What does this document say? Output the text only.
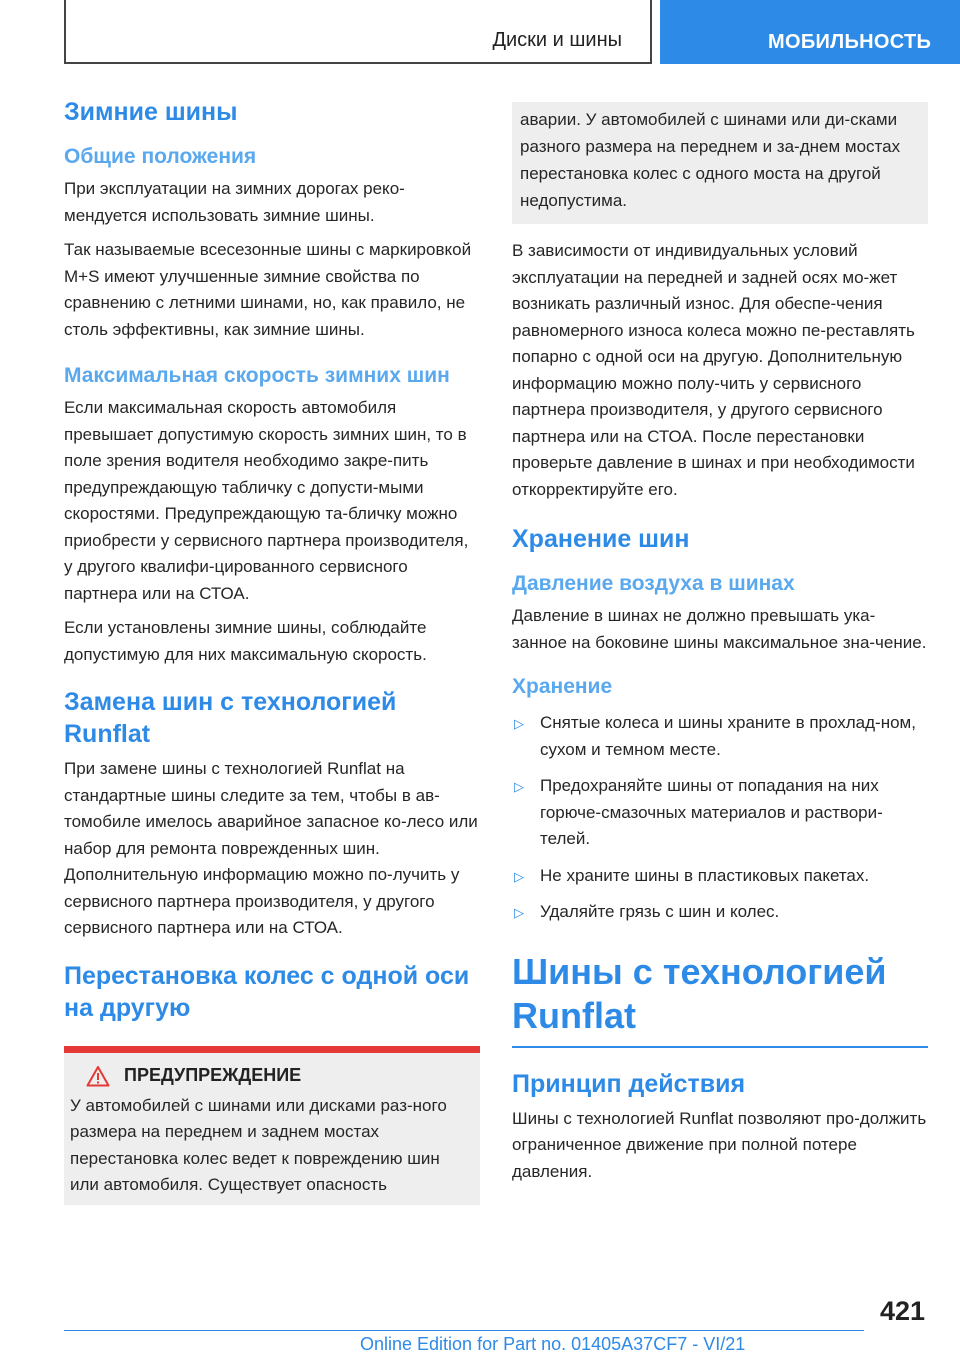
Диски и шины	МОБИЛЬНОСТЬ
Зимние шины
Общие положения

При эксплуатации на зимних дорогах реко-мендуется использовать зимние шины.

Так называемые всесезонные шины с маркировкой M+S имеют улучшенные зимние свойства по сравнению с летними шинами, но, как правило, не столь эффективны, как зимние шины.

Максимальная скорость зимних шин

Если максимальная скорость автомобиля превышает допустимую скорость зимних шин, то в поле зрения водителя необходимо закре-пить предупреждающую табличку с допусти-мыми скоростями. Предупреждающую та-бличку можно приобрести у сервисного партнера производителя, у другого квалифи-цированного сервисного партнера или на СТОА.

Если установлены зимние шины, соблюдайте допустимую для них максимальную скорость.

Замена шин с технологией Runflat

При замене шины с технологией Runflat на стандартные шины следите за тем, чтобы в ав-томобиле имелось аварийное запасное ко-лесо или набор для ремонта поврежденных шин. Дополнительную информацию можно по-лучить у сервисного партнера производителя, у другого сервисного партнера или на СТОА.

Перестановка колес с одной оси на другую
ПРЕДУПРЕЖДЕНИЕ

У автомобилей с шинами или дисками раз-ного размера на переднем и заднем мостах перестановка колес ведет к повреждению шин или автомобиля. Существует опасность

аварии. У автомобилей с шинами или ди-сками разного размера на переднем и за-днем мостах перестановка колес с одного моста на другой недопустима.

В зависимости от индивидуальных условий эксплуатации на передней и задней осях мо-жет возникать различный износ. Для обеспе-чения равномерного износа колеса можно пе-реставлять попарно с одной оси на другую. Дополнительную информацию можно полу-чить у сервисного партнера производителя, у другого сервисного партнера или на СТОА. После перестановки проверьте давление в шинах и при необходимости откорректируйте его.

Хранение шин
Давление воздуха в шинах

Давление в шинах не должно превышать ука-занное на боковине шины максимальное зна-чение.

Хранение
▷ Снятые колеса и шины храните в прохлад-ном, сухом и темном месте.
▷ Предохраняйте шины от попадания на них горюче-смазочных материалов и раствори-телей.
▷ Не храните шины в пластиковых пакетах.
▷ Удаляйте грязь с шин и колес.
Шины с технологией Runflat
Принцип действия

Шины с технологией Runflat позволяют про-должить ограниченное движение при полной потере давления.

421
Online Edition for Part no. 01405A37CF7 - VI/21
